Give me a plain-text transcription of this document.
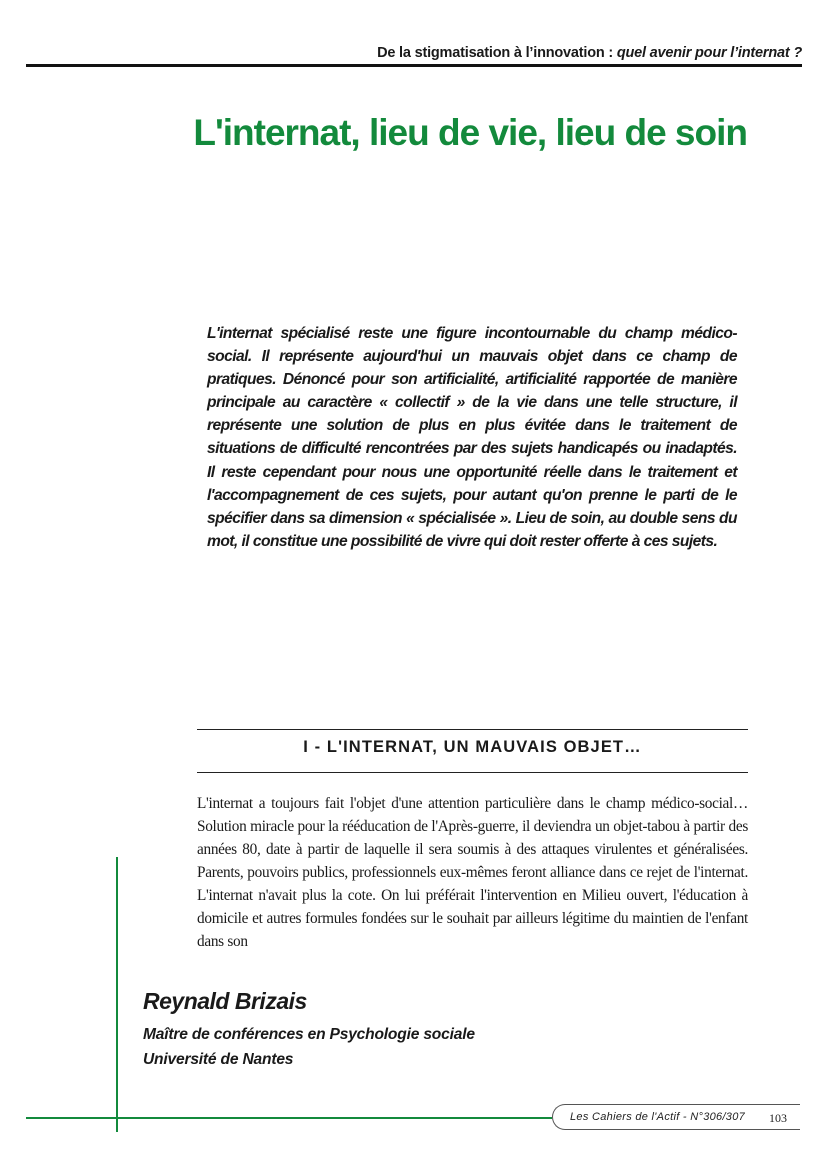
De la stigmatisation à l’innovation : quel avenir pour l’internat ?
L'internat, lieu de vie, lieu de soin

L'internat spécialisé reste une figure incontournable du champ médico-social. Il représente aujourd'hui un mauvais objet dans ce champ de pratiques. Dénoncé pour son artificialité, artificialité rapportée de manière principale au caractère « collectif » de la vie dans une telle structure, il représente une solution de plus en plus évitée dans le traitement de situations de difficulté rencontrées par des sujets handicapés ou inadaptés. Il reste cependant pour nous une opportunité réelle dans le traitement et l'accompagnement de ces sujets, pour autant qu'on prenne le parti de le spécifier dans sa dimension « spécialisée ». Lieu de soin, au double sens du mot, il constitue une possibilité de vivre qui doit rester offerte à ces sujets.

I - L'INTERNAT, UN MAUVAIS OBJET…

L'internat a toujours fait l'objet d'une attention particulière dans le champ médico-social… Solution miracle pour la rééducation de l'Après-guerre, il deviendra un objet-tabou à partir des années 80, date à partir de laquelle il sera soumis à des attaques virulentes et généralisées. Parents, pouvoirs publics, professionnels eux-mêmes feront alliance dans ce rejet de l'internat. L'internat n'avait plus la cote. On lui préférait l'intervention en Milieu ouvert, l'éducation à domicile et autres formules fondées sur le souhait par ailleurs légitime du maintien de l'enfant dans son

Reynald Brizais
Maître de conférences en Psychologie sociale
Université de Nantes
Les Cahiers de l'Actif - N°306/307 103
